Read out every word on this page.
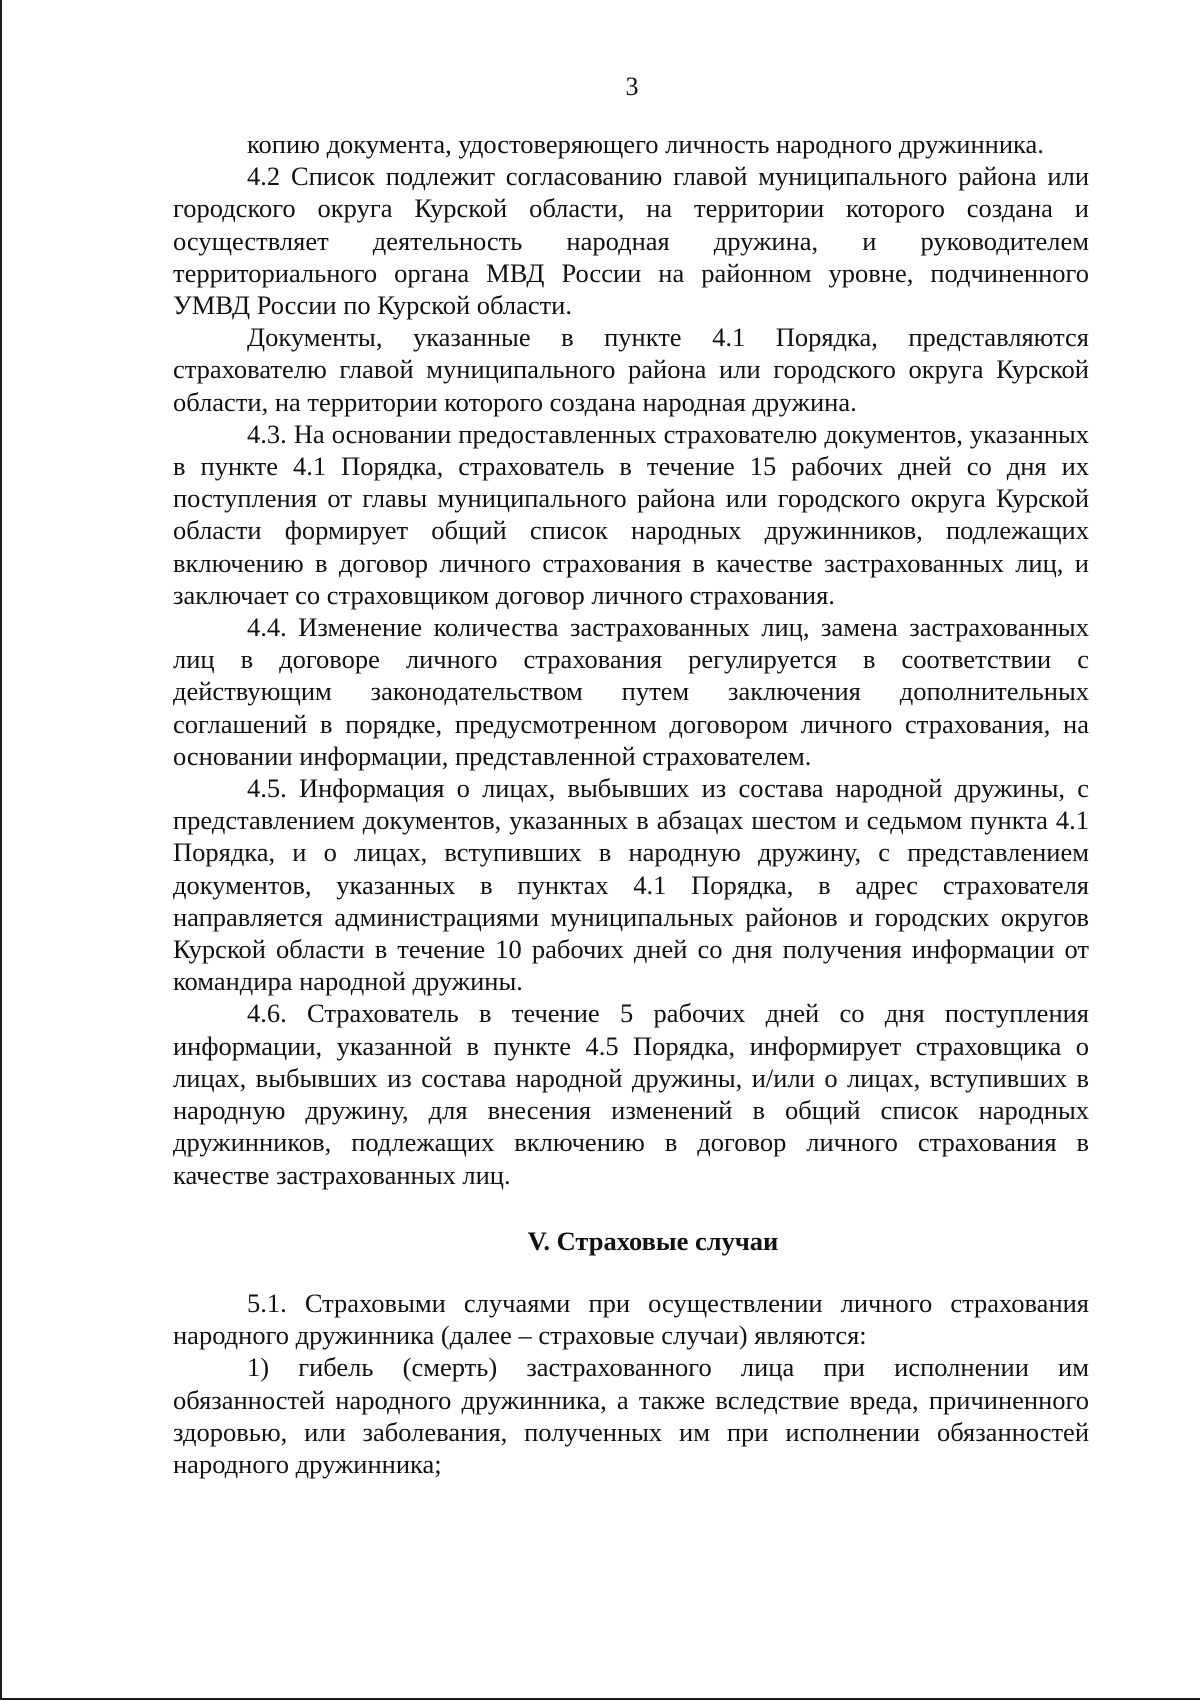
3

копию документа, удостоверяющего личность народного дружинника.

4.2 Список подлежит согласованию главой муниципального района или городского округа Курской области, на территории которого создана и осуществляет деятельность народная дружина, и руководителем территориального органа МВД России на районном уровне, подчиненного УМВД России по Курской области.

Документы, указанные в пункте 4.1 Порядка, представляются страхователю главой муниципального района или городского округа Курской области, на территории которого создана народная дружина.

4.3. На основании предоставленных страхователю документов, указанных в пункте 4.1 Порядка, страхователь в течение 15 рабочих дней со дня их поступления от главы муниципального района или городского округа Курской области формирует общий список народных дружинников, подлежащих включению в договор личного страхования в качестве застрахованных лиц, и заключает со страховщиком договор личного страхования.

4.4. Изменение количества застрахованных лиц, замена застрахованных лиц в договоре личного страхования регулируется в соответствии с действующим законодательством путем заключения дополнительных соглашений в порядке, предусмотренном договором личного страхования, на основании информации, представленной страхователем.

4.5. Информация о лицах, выбывших из состава народной дружины, с представлением документов, указанных в абзацах шестом и седьмом пункта 4.1 Порядка, и о лицах, вступивших в народную дружину, с представлением документов, указанных в пунктах 4.1 Порядка, в адрес страхователя направляется администрациями муниципальных районов и городских округов Курской области в течение 10 рабочих дней со дня получения информации от командира народной дружины.

4.6. Страхователь в течение 5 рабочих дней со дня поступления информации, указанной в пункте 4.5 Порядка, информирует страховщика о лицах, выбывших из состава народной дружины, и/или о лицах, вступивших в народную дружину, для внесения изменений в общий список народных дружинников, подлежащих включению в договор личного страхования в качестве застрахованных лиц.

V. Страховые случаи

5.1. Страховыми случаями при осуществлении личного страхования народного дружинника (далее – страховые случаи) являются:

1) гибель (смерть) застрахованного лица при исполнении им обязанностей народного дружинника, а также вследствие вреда, причиненного здоровью, или заболевания, полученных им при исполнении обязанностей народного дружинника;
